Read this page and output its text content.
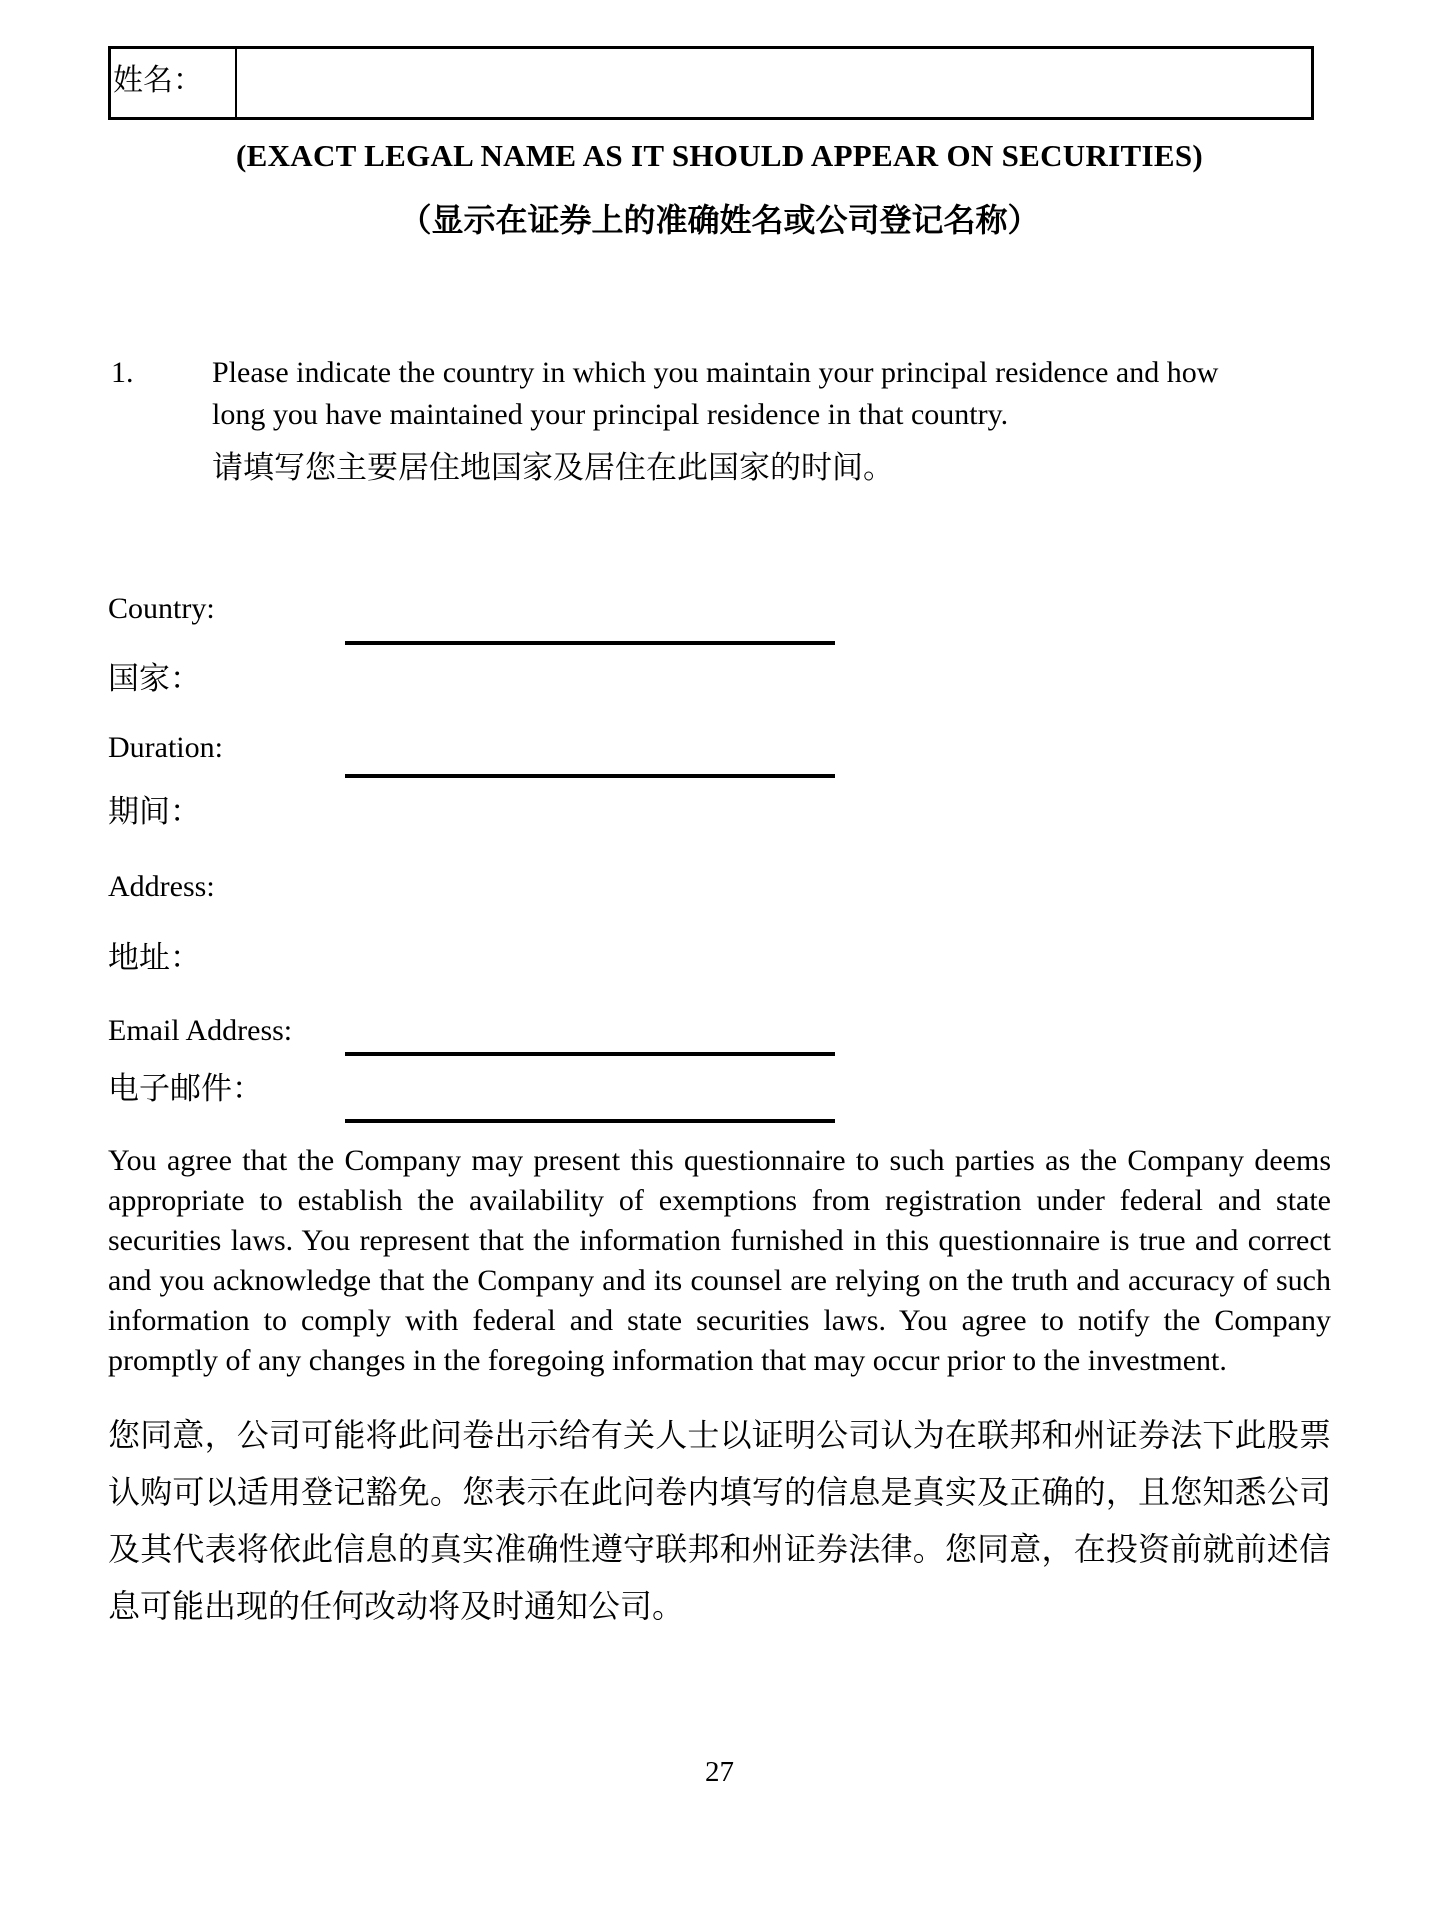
姓名：
(EXACT LEGAL NAME AS IT SHOULD APPEAR ON SECURITIES)
（显示在证券上的准确姓名或公司登记名称）
1.	Please indicate the country in which you maintain your principal residence and how long you have maintained your principal residence in that country.
请填写您主要居住地国家及居住在此国家的时间。
Country:
国家：
Duration:
期间：
Address:
地址：
Email Address:
电子邮件：
You agree that the Company may present this questionnaire to such parties as the Company deems appropriate to establish the availability of exemptions from registration under federal and state securities laws. You represent that the information furnished in this questionnaire is true and correct and you acknowledge that the Company and its counsel are relying on the truth and accuracy of such information to comply with federal and state securities laws. You agree to notify the Company promptly of any changes in the foregoing information that may occur prior to the investment.
您同意，公司可能将此问卷出示给有关人士以证明公司认为在联邦和州证券法下此股票认购可以适用登记豁免。您表示在此问卷内填写的信息是真实及正确的，且您知悉公司及其代表将依此信息的真实准确性遵守联邦和州证券法律。您同意，在投资前就前述信息可能出现的任何改动将及时通知公司。
27
